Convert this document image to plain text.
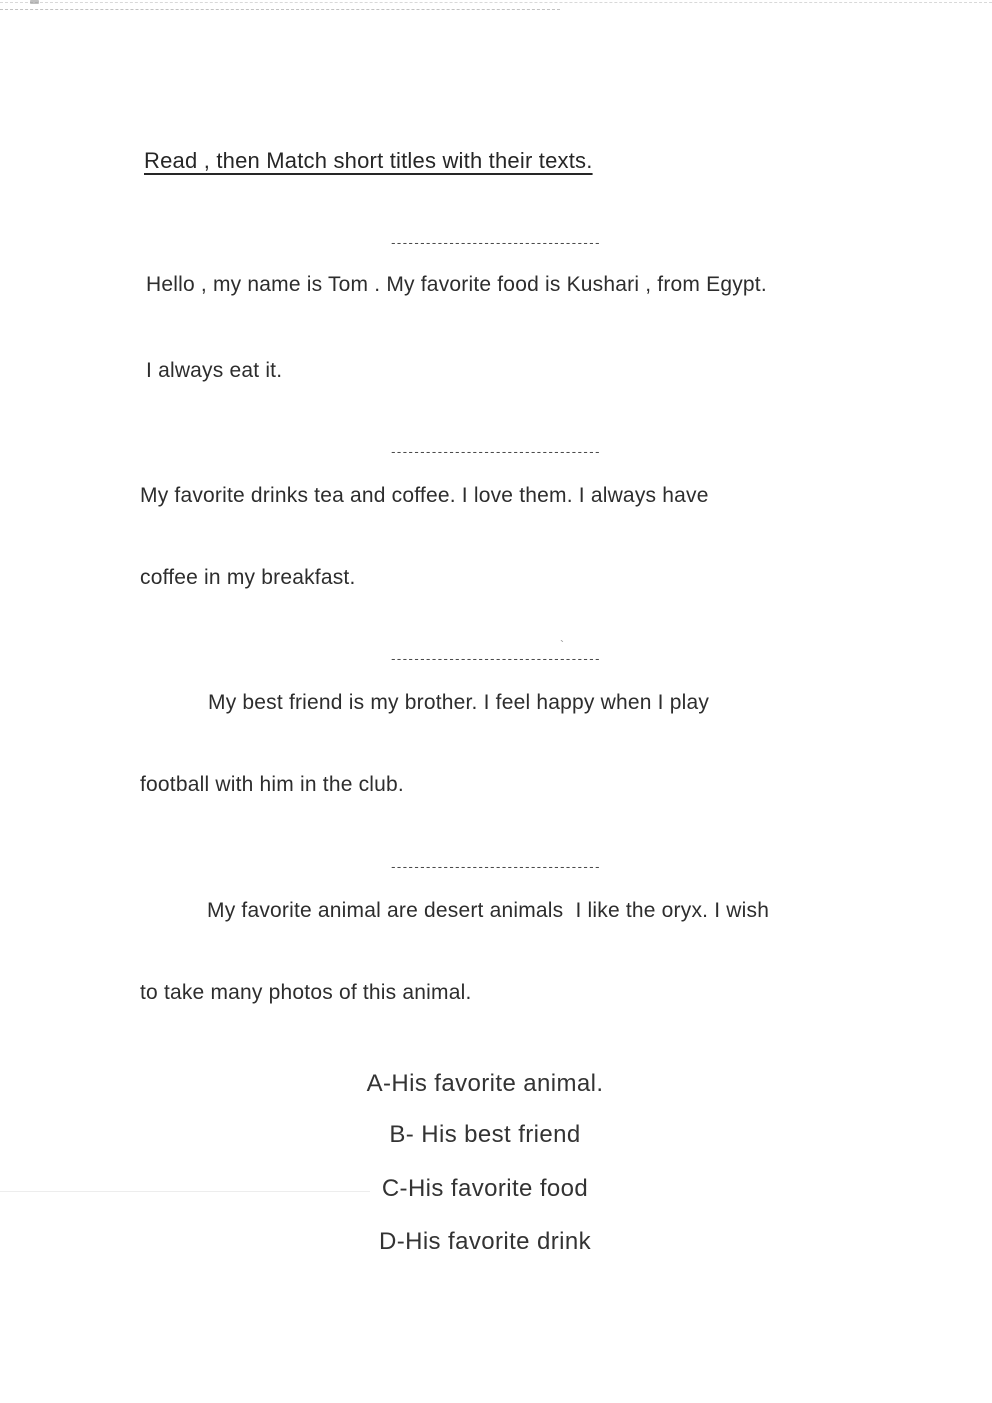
Read , then Match short titles with their texts.
------------------------------------
Hello , my name is Tom . My favorite food is Kushari , from Egypt.
I always eat it.
------------------------------------
My favorite drinks tea and coffee. I love them. I always have
coffee in my breakfast.
`
------------------------------------
My best friend is my brother. I feel happy when I play
football with him in the club.
------------------------------------
My favorite animal are desert animals  I like the oryx. I wish
to take many photos of this animal.
A-His favorite animal.
B- His best friend
C-His favorite food
D-His favorite drink
